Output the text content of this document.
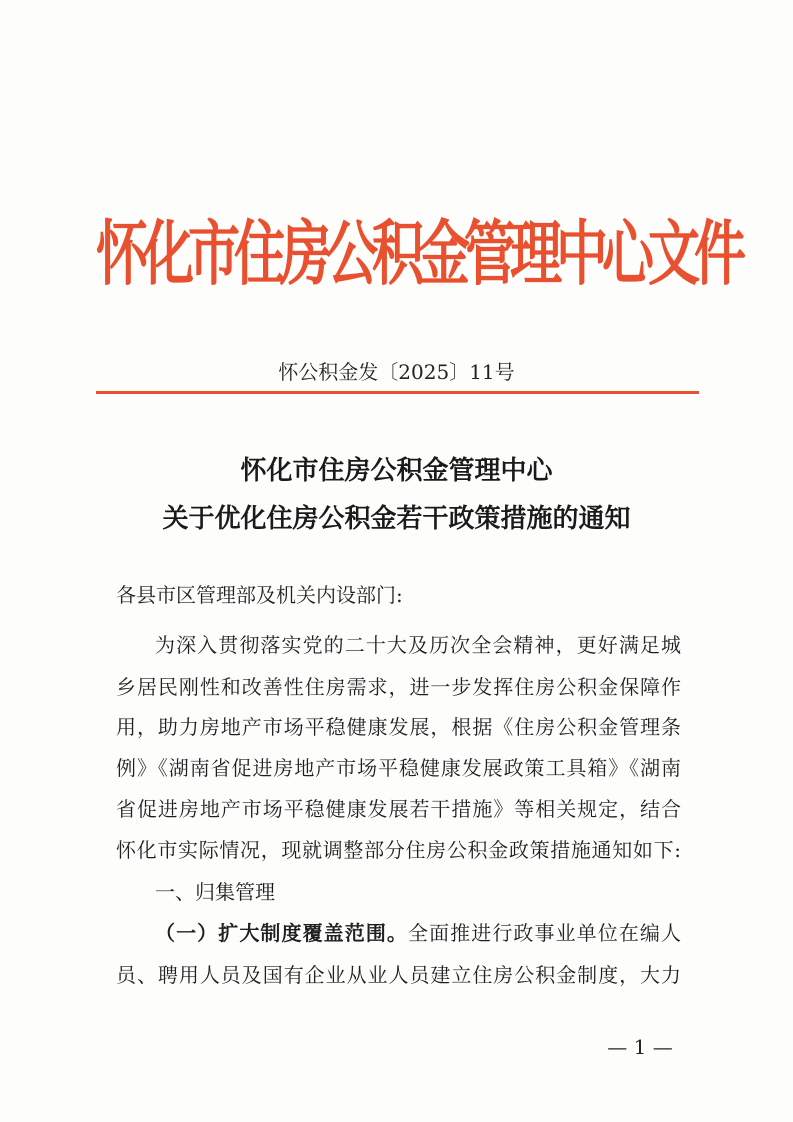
怀化市住房公积金管理中心文件
怀公积金发〔2025〕11号
怀化市住房公积金管理中心
关于优化住房公积金若干政策措施的通知
各县市区管理部及机关内设部门:
为深入贯彻落实党的二十大及历次全会精神，更好满足城
乡居民刚性和改善性住房需求，进一步发挥住房公积金保障作
用，助力房地产市场平稳健康发展，根据《住房公积金管理条
例》《湖南省促进房地产市场平稳健康发展政策工具箱》《湖南
省促进房地产市场平稳健康发展若干措施》等相关规定，结合
怀化市实际情况，现就调整部分住房公积金政策措施通知如下:
一、归集管理
（一）扩大制度覆盖范围。全面推进行政事业单位在编人
员、聘用人员及国有企业从业人员建立住房公积金制度，大力
— 1 —
